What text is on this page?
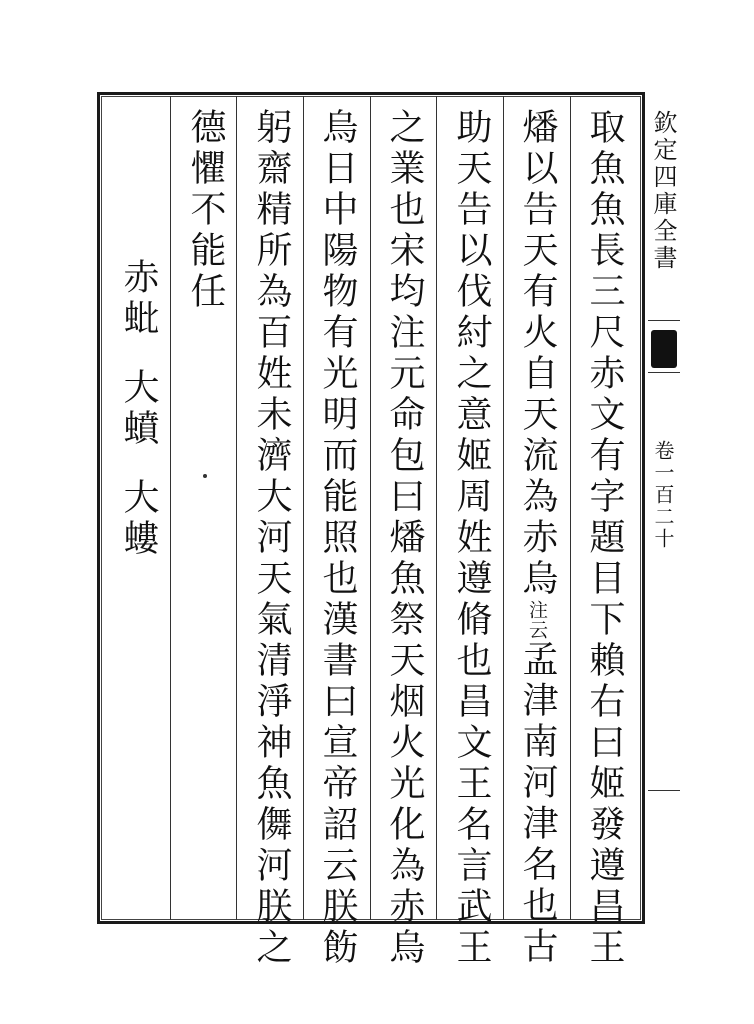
欽定四庫全書
卷一百二十
取魚魚長三尺赤文有字題目下賴右曰姬發遵昌王
燔以告天有火自天流為赤烏注云孟津南河津名也古
助天告以伐紂之意姬周姓遵脩也昌文王名言武王
之業也宋均注元命包曰燔魚祭天烟火光化為赤烏
烏日中陽物有光明而能照也漢書曰宣帝詔云朕飭
躬齋精所為百姓未濟大河天氣清淨神魚儛河朕之
德懼不能任
赤蚍
大蟦
大螻
